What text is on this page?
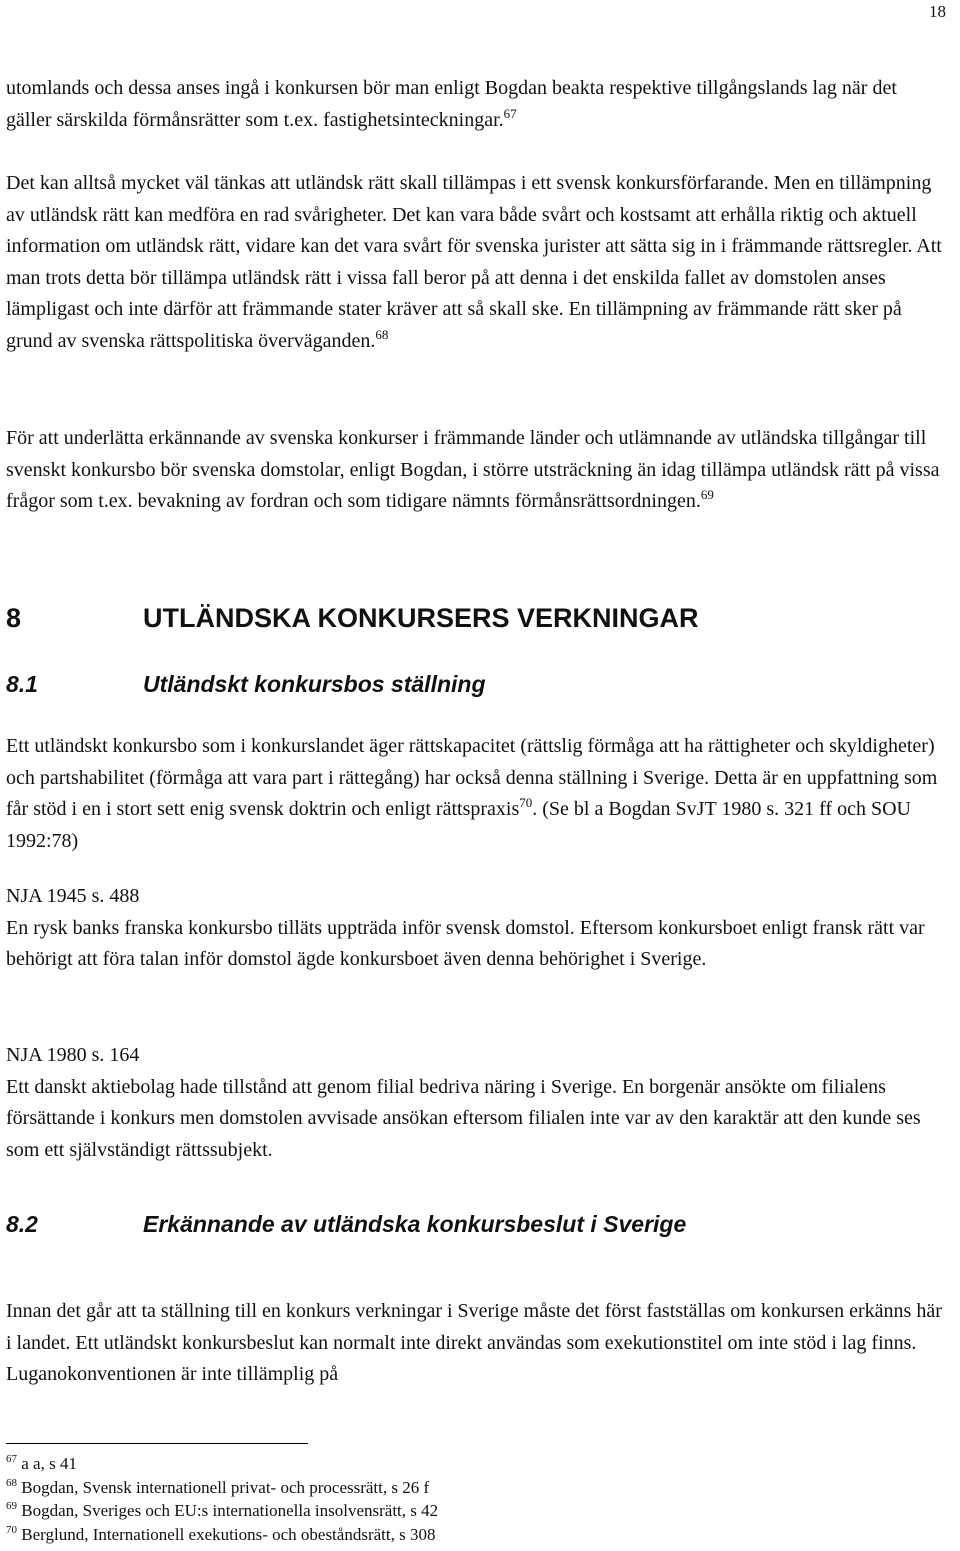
18

utomlands och dessa anses ingå i konkursen bör man enligt Bogdan beakta respektive tillgångslands lag när det gäller särskilda förmånsrätter som t.ex. fastighetsinteckningar.$^{67}$

Det kan alltså mycket väl tänkas att utländsk rätt skall tillämpas i ett svensk konkursförfarande. Men en tillämpning av utländsk rätt kan medföra en rad svårigheter. Det kan vara både svårt och kostsamt att erhålla riktig och aktuell information om utländsk rätt, vidare kan det vara svårt för svenska jurister att sätta sig in i främmande rättsregler. Att man trots detta bör tillämpa utländsk rätt i vissa fall beror på att denna i det enskilda fallet av domstolen anses lämpligast och inte därför att främmande stater kräver att så skall ske. En tillämpning av främmande rätt sker på grund av svenska rättspolitiska överväganden.$^{68}$

För att underlätta erkännande av svenska konkurser i främmande länder och utlämnande av utländska tillgångar till svenskt konkursbo bör svenska domstolar, enligt Bogdan, i större utsträckning än idag tillämpa utländsk rätt på vissa frågor som t.ex. bevakning av fordran och som tidigare nämnts förmånsrättsordningen.$^{69}$

8	UTLÄNDSKA KONKURSERS VERKNINGAR
8.1	Utländskt konkursbos ställning

Ett utländskt konkursbo som i konkurslandet äger rättskapacitet (rättslig förmåga att ha rättigheter och skyldigheter) och partshabilitet (förmåga att vara part i rättegång) har också denna ställning i Sverige. Detta är en uppfattning som får stöd i en i stort sett enig svensk doktrin och enligt rättspraxis$^{70}$. (Se bl a Bogdan SvJT 1980 s. 321 ff och SOU 1992:78)

NJA 1945 s. 488

En rysk banks franska konkursbo tilläts uppträda inför svensk domstol. Eftersom konkursboet enligt fransk rätt var behörigt att föra talan inför domstol ägde konkursboet även denna behörighet i Sverige.

NJA 1980 s. 164

Ett danskt aktiebolag hade tillstånd att genom filial bedriva näring i Sverige. En borgenär ansökte om filialens försättande i konkurs men domstolen avvisade ansökan eftersom filialen inte var av den karaktär att den kunde ses som ett självständigt rättssubjekt.

8.2	Erkännande av utländska konkursbeslut i Sverige

Innan det går att ta ställning till en konkurs verkningar i Sverige måste det först fastställas om konkursen erkänns här i landet. Ett utländskt konkursbeslut kan normalt inte direkt användas som exekutionstitel om inte stöd i lag finns. Luganokonventionen är inte tillämplig på

$^{67}$ a a, s 41
$^{68}$ Bogdan, Svensk internationell privat- och processrätt, s 26 f
$^{69}$ Bogdan, Sveriges och EU:s internationella insolvensrätt, s 42
$^{70}$ Berglund, Internationell exekutions- och obeståndsrätt, s 308
